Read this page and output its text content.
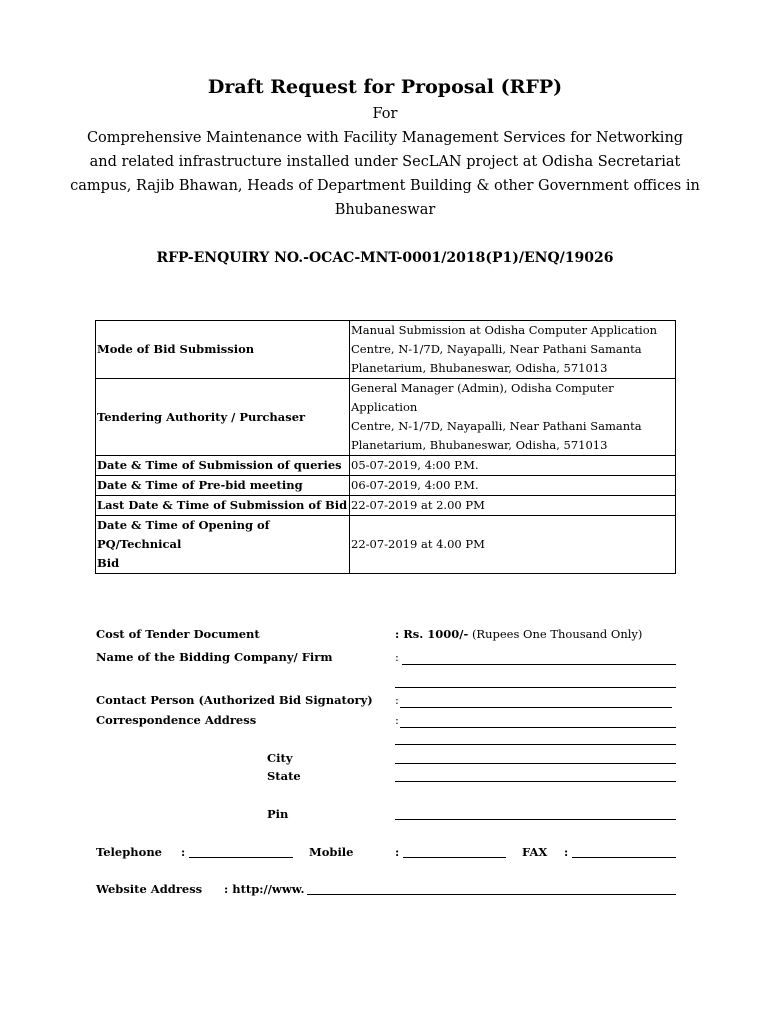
Draft Request for Proposal (RFP)
For
Comprehensive Maintenance with Facility Management Services for Networking
and related infrastructure installed under SecLAN project at Odisha Secretariat
campus, Rajib Bhawan, Heads of Department Building & other Government offices in
Bhubaneswar
RFP-ENQUIRY NO.-OCAC-MNT-0001/2018(P1)/ENQ/19026
Mode of Bid Submission	Manual Submission at Odisha Computer Application
Centre, N-1/7D, Nayapalli, Near Pathani Samanta
Planetarium, Bhubaneswar, Odisha, 571013

Tendering Authority / Purchaser	General Manager (Admin), Odisha Computer Application
Centre, N-1/7D, Nayapalli, Near Pathani Samanta
Planetarium, Bhubaneswar, Odisha, 571013

Date & Time of Submission of queries	05-07-2019, 4:00 P.M.
Date & Time of Pre-bid meeting	06-07-2019, 4:00 P.M.
Last Date & Time of Submission of Bid	22-07-2019 at 2.00 PM

Date & Time of Opening of PQ/Technical
Bid	22-07-2019 at 4.00 PM
Cost of Tender Document	: Rs. 1000/- (Rupees One Thousand Only)
Name of the Bidding Company/ Firm	:
Contact Person (Authorized Bid Signatory) :
Correspondence Address	:
City
State
Pin
Telephone :	Mobile	:	FAX :
Website Address : http://www.
